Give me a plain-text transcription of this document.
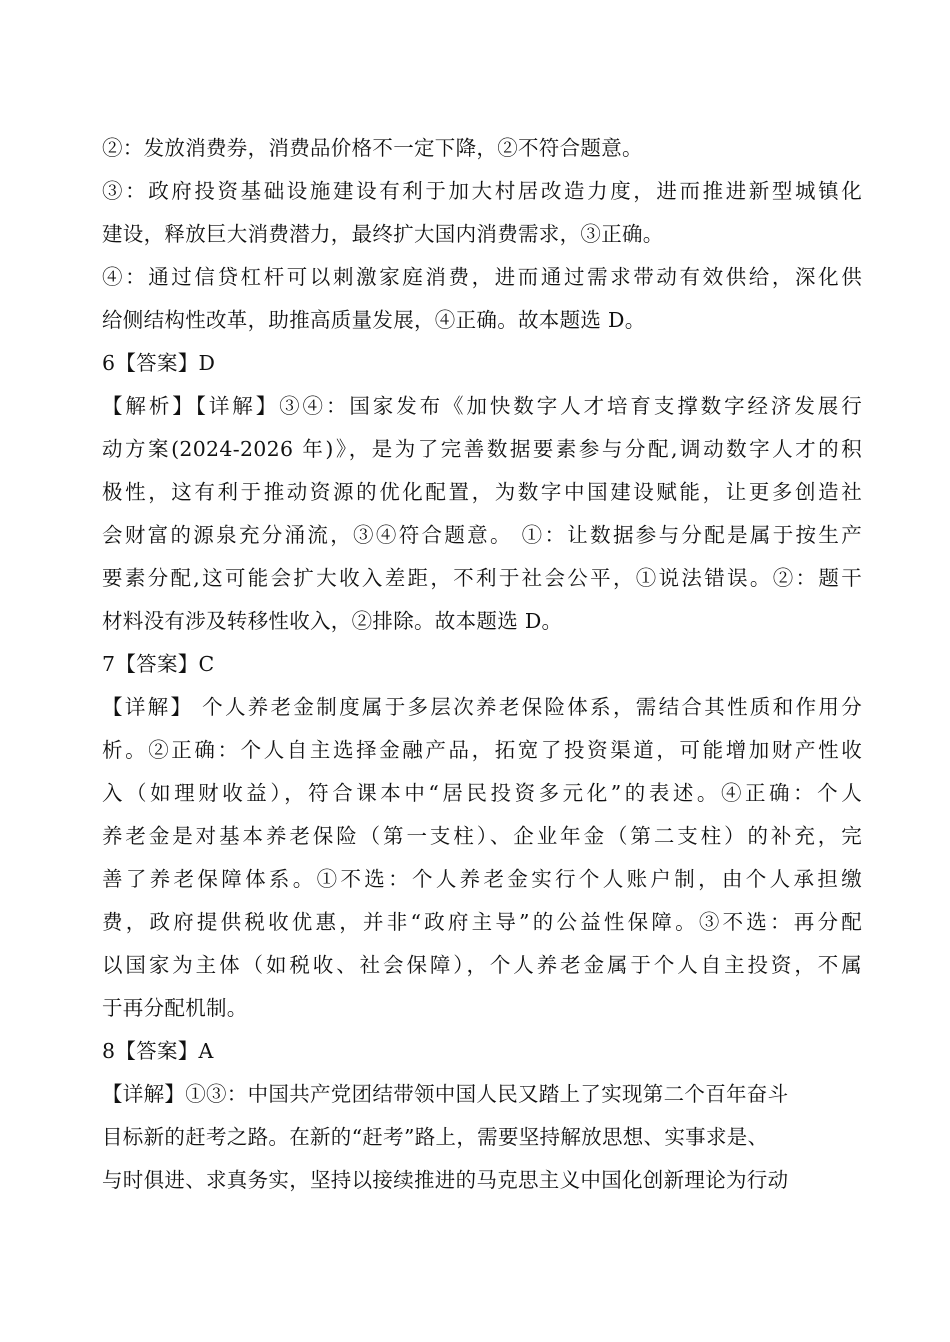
②：发放消费券，消费品价格不一定下降，②不符合题意。
③：政府投资基础设施建设有利于加大村居改造力度，进而推进新型城镇化
建设，释放巨大消费潜力，最终扩大国内消费需求，③正确。
④：通过信贷杠杆可以刺激家庭消费，进而通过需求带动有效供给，深化供
给侧结构性改革，助推高质量发展，④正确。故本题选 D。
6【答案】D
【解析】【详解】③④：国家发布《加快数字人才培育支撑数字经济发展行
动方案(2024-2026 年)》，是为了完善数据要素参与分配,调动数字人才的积
极性，这有利于推动资源的优化配置，为数字中国建设赋能，让更多创造社
会财富的源泉充分涌流，③④符合题意。 ①：让数据参与分配是属于按生产
要素分配,这可能会扩大收入差距，不利于社会公平，①说法错误。②：题干
材料没有涉及转移性收入，②排除。故本题选 D。
7【答案】C
【详解】 个人养老金制度属于多层次养老保险体系，需结合其性质和作用分
析。②正确：个人自主选择金融产品，拓宽了投资渠道，可能增加财产性收
入（如理财收益），符合课本中“居民投资多元化”的表述。④正确：个人
养老金是对基本养老保险（第一支柱）、企业年金（第二支柱）的补充，完
善了养老保障体系。①不选：个人养老金实行个人账户制，由个人承担缴
费，政府提供税收优惠，并非“政府主导”的公益性保障。③不选：再分配
以国家为主体（如税收、社会保障），个人养老金属于个人自主投资，不属
于再分配机制。
8【答案】A
【详解】①③：中国共产党团结带领中国人民又踏上了实现第二个百年奋斗
目标新的赶考之路。在新的“赶考”路上，需要坚持解放思想、实事求是、
与时俱进、求真务实，坚持以接续推进的马克思主义中国化创新理论为行动
